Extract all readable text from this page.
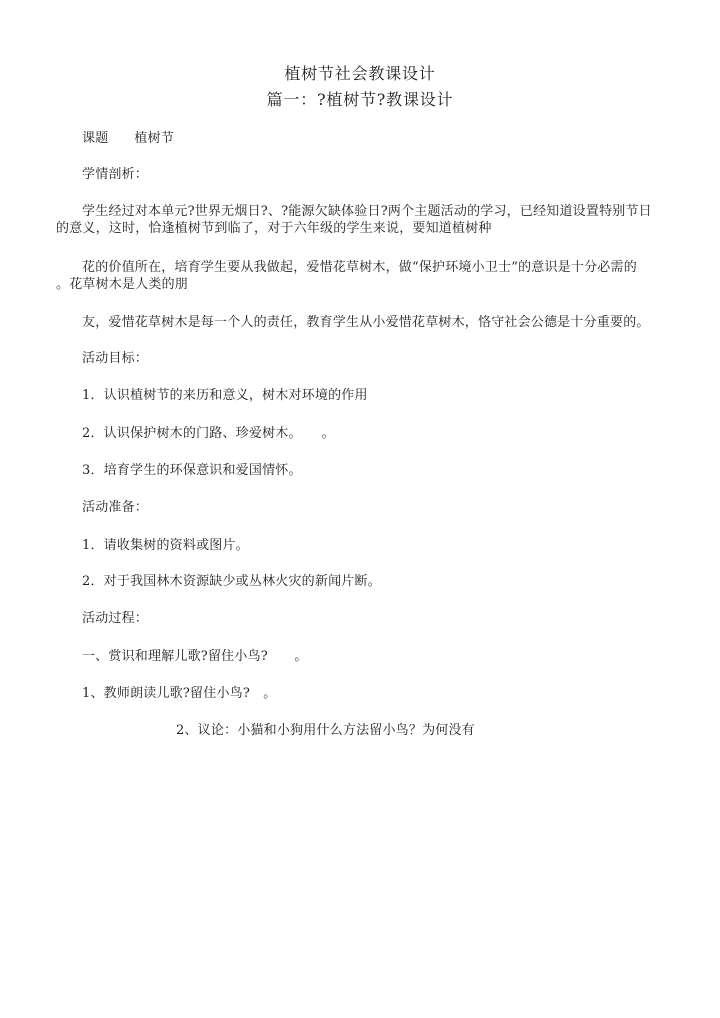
植树节社会教课设计
篇一：?植树节?教课设计
课题 植树节
学情剖析：
学生经过对本单元?世界无烟日?、?能源欠缺体验日?两个主题活动的学习，已经知道设置特别节日
的意义，这时，恰逢植树节到临了，对于六年级的学生来说，要知道植树种
花的价值所在，培育学生要从我做起，爱惜花草树木，做“保护环境小卫士”的意识是十分必需的
。花草树木是人类的朋
友，爱惜花草树木是每一个人的责任，教育学生从小爱惜花草树木，恪守社会公德是十分重要的。
活动目标：
1．认识植树节的来历和意义，树木对环境的作用
2．认识保护树木的门路、珍爱树木。　　。
3．培育学生的环保意识和爱国情怀。
活动准备：
1．请收集树的资料或图片。
2．对于我国林木资源缺少或丛林火灾的新闻片断。
活动过程：
一、赏识和理解儿歌?留住小鸟?　　。
1、教师朗读儿歌?留住小鸟?　。
2、议论：小猫和小狗用什么方法留小鸟？为何没有
